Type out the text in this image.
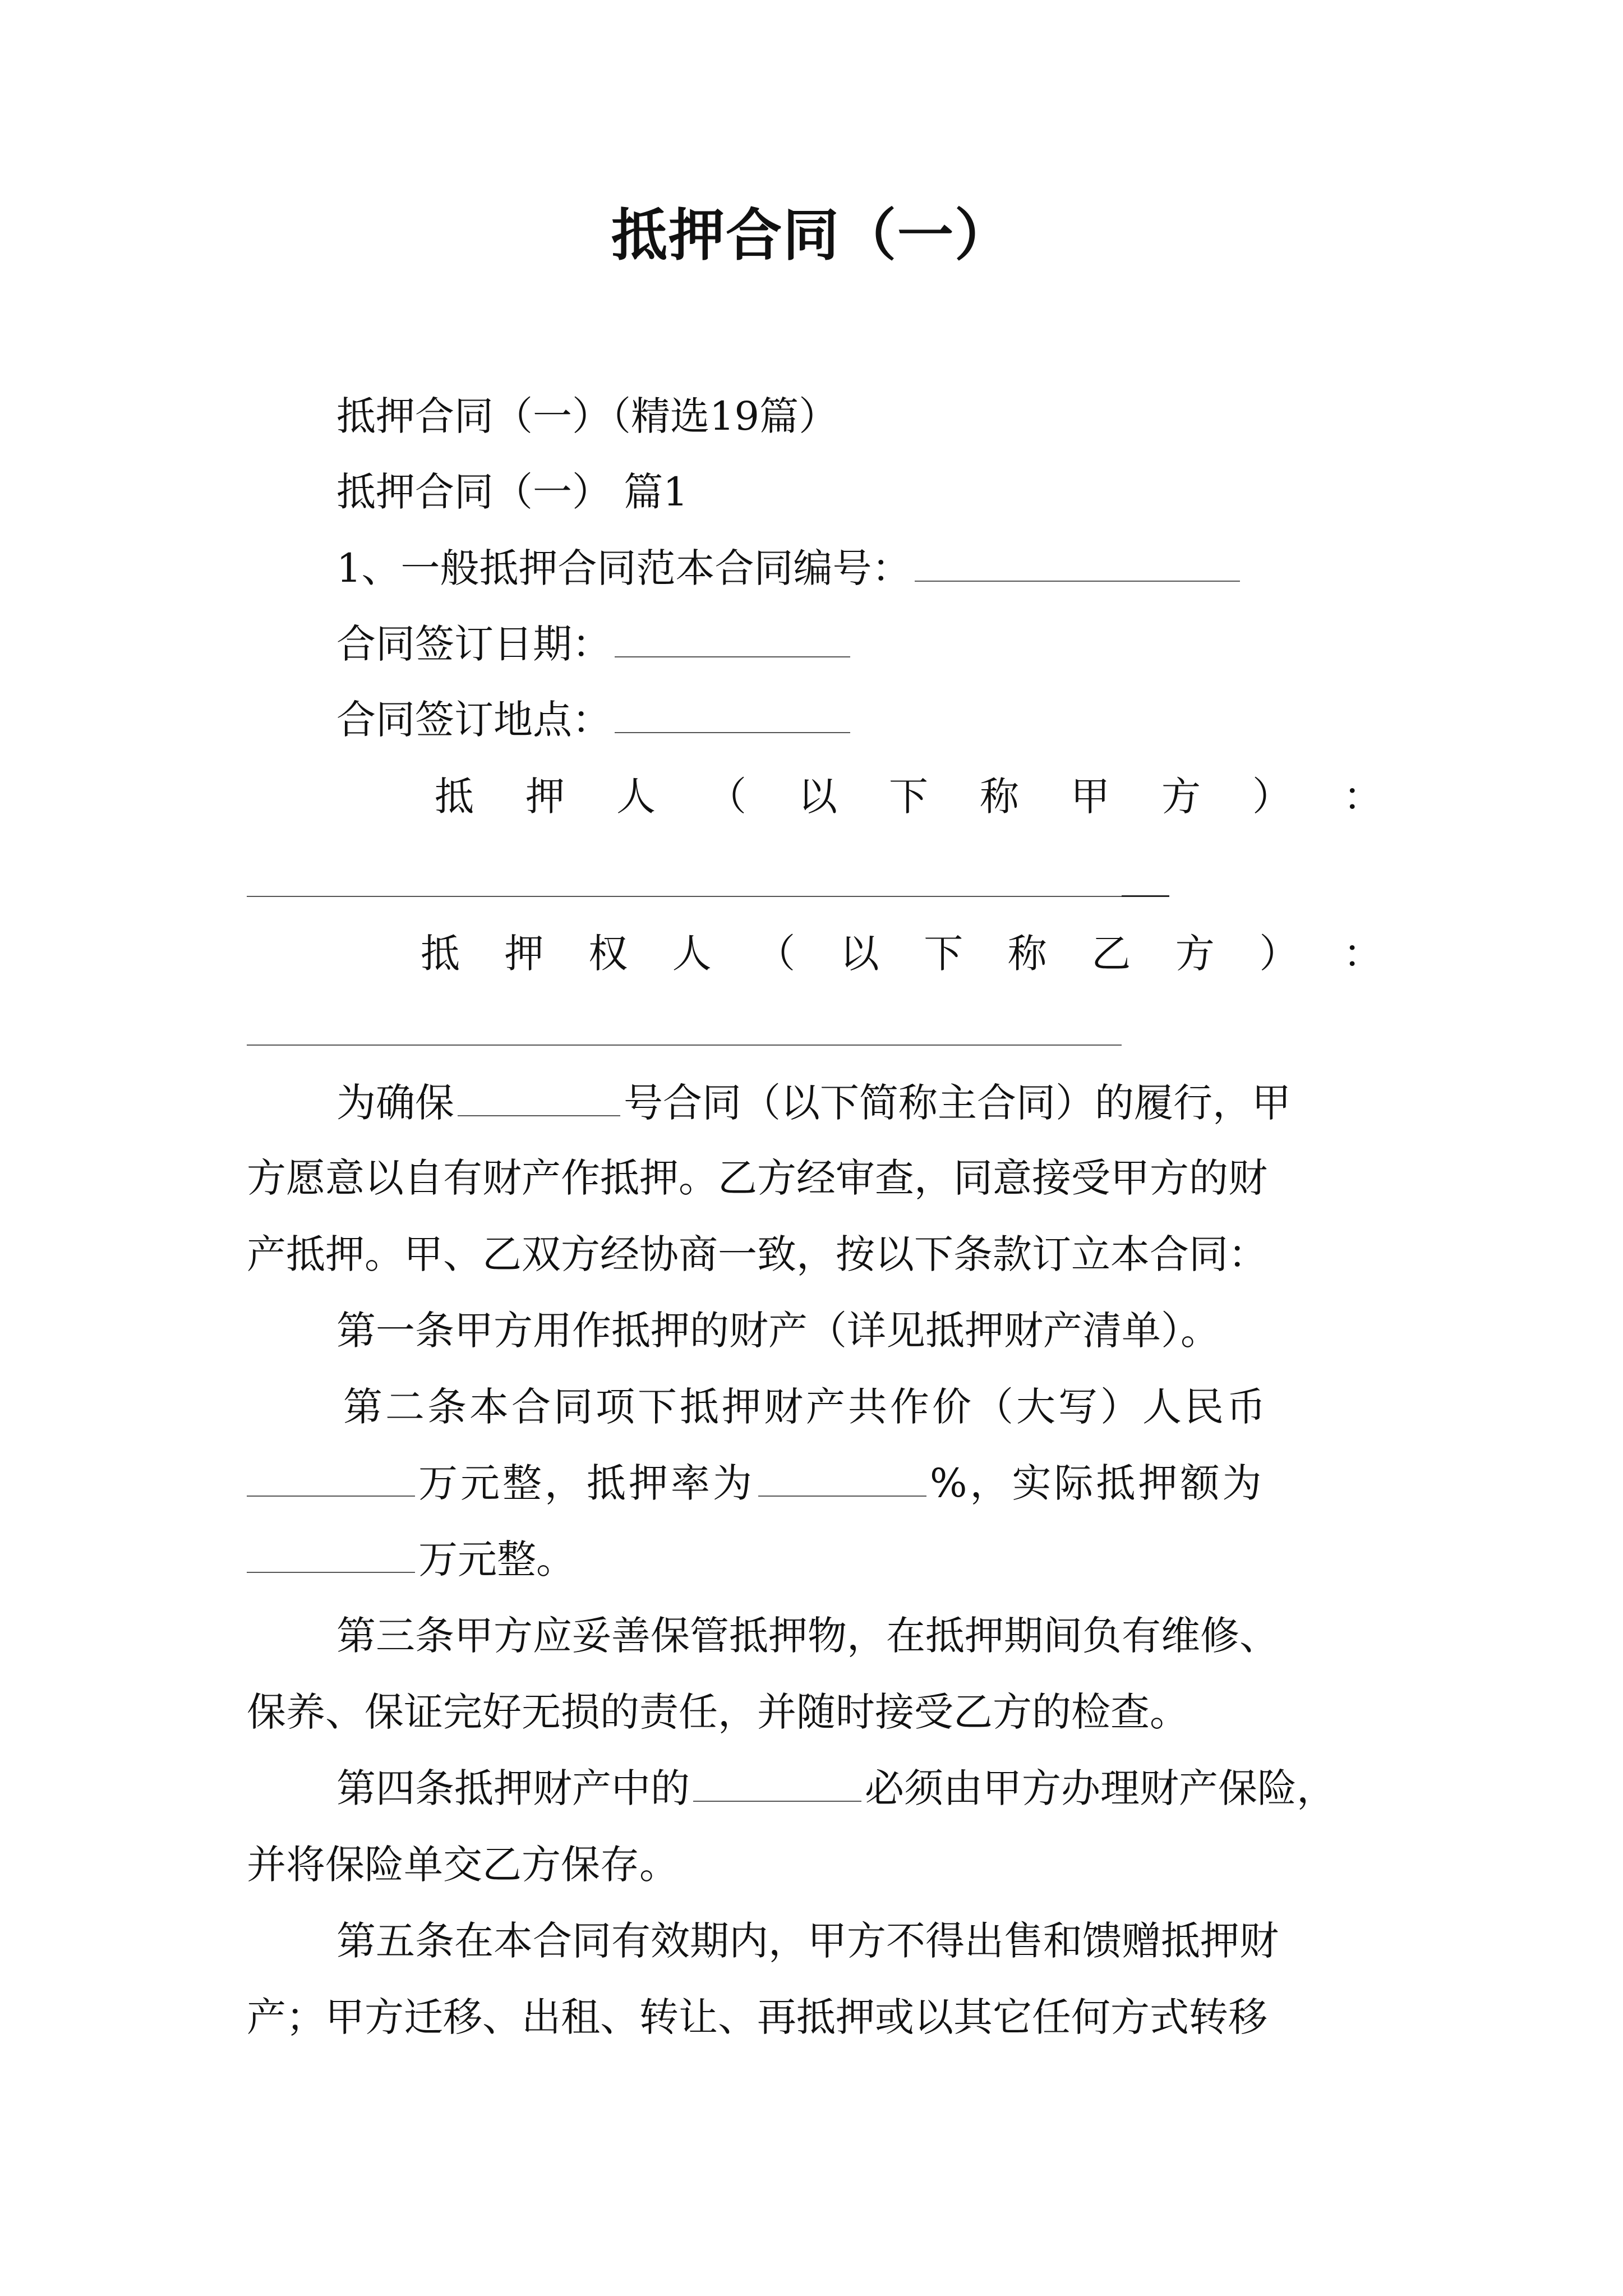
抵押合同（一）
抵押合同（一）（精选19篇）
抵押合同（一） 篇1
1、一般抵押合同范本合同编号：
合同签订日期：
合同签订地点：
抵 押 人 （ 以 下 称 甲 方 ） ：
抵 押 权 人 （ 以 下 称 乙 方 ） ：
为确保	号合同（以下简称主合同）的履行，甲
方愿意以自有财产作抵押。乙方经审查，同意接受甲方的财
产抵押。甲、乙双方经协商一致，按以下条款订立本合同：
第一条甲方用作抵押的财产（详见抵押财产清单）。
第二条本合同项下抵押财产共作价（大写）人民币
万元整，抵押率为	%，实际抵押额为
万元整。
第三条甲方应妥善保管抵押物，在抵押期间负有维修、
保养、保证完好无损的责任，并随时接受乙方的检查。
第四条抵押财产中的	必须由甲方办理财产保险，
并将保险单交乙方保存。
第五条在本合同有效期内，甲方不得出售和馈赠抵押财
产；甲方迁移、出租、转让、再抵押或以其它任何方式转移
